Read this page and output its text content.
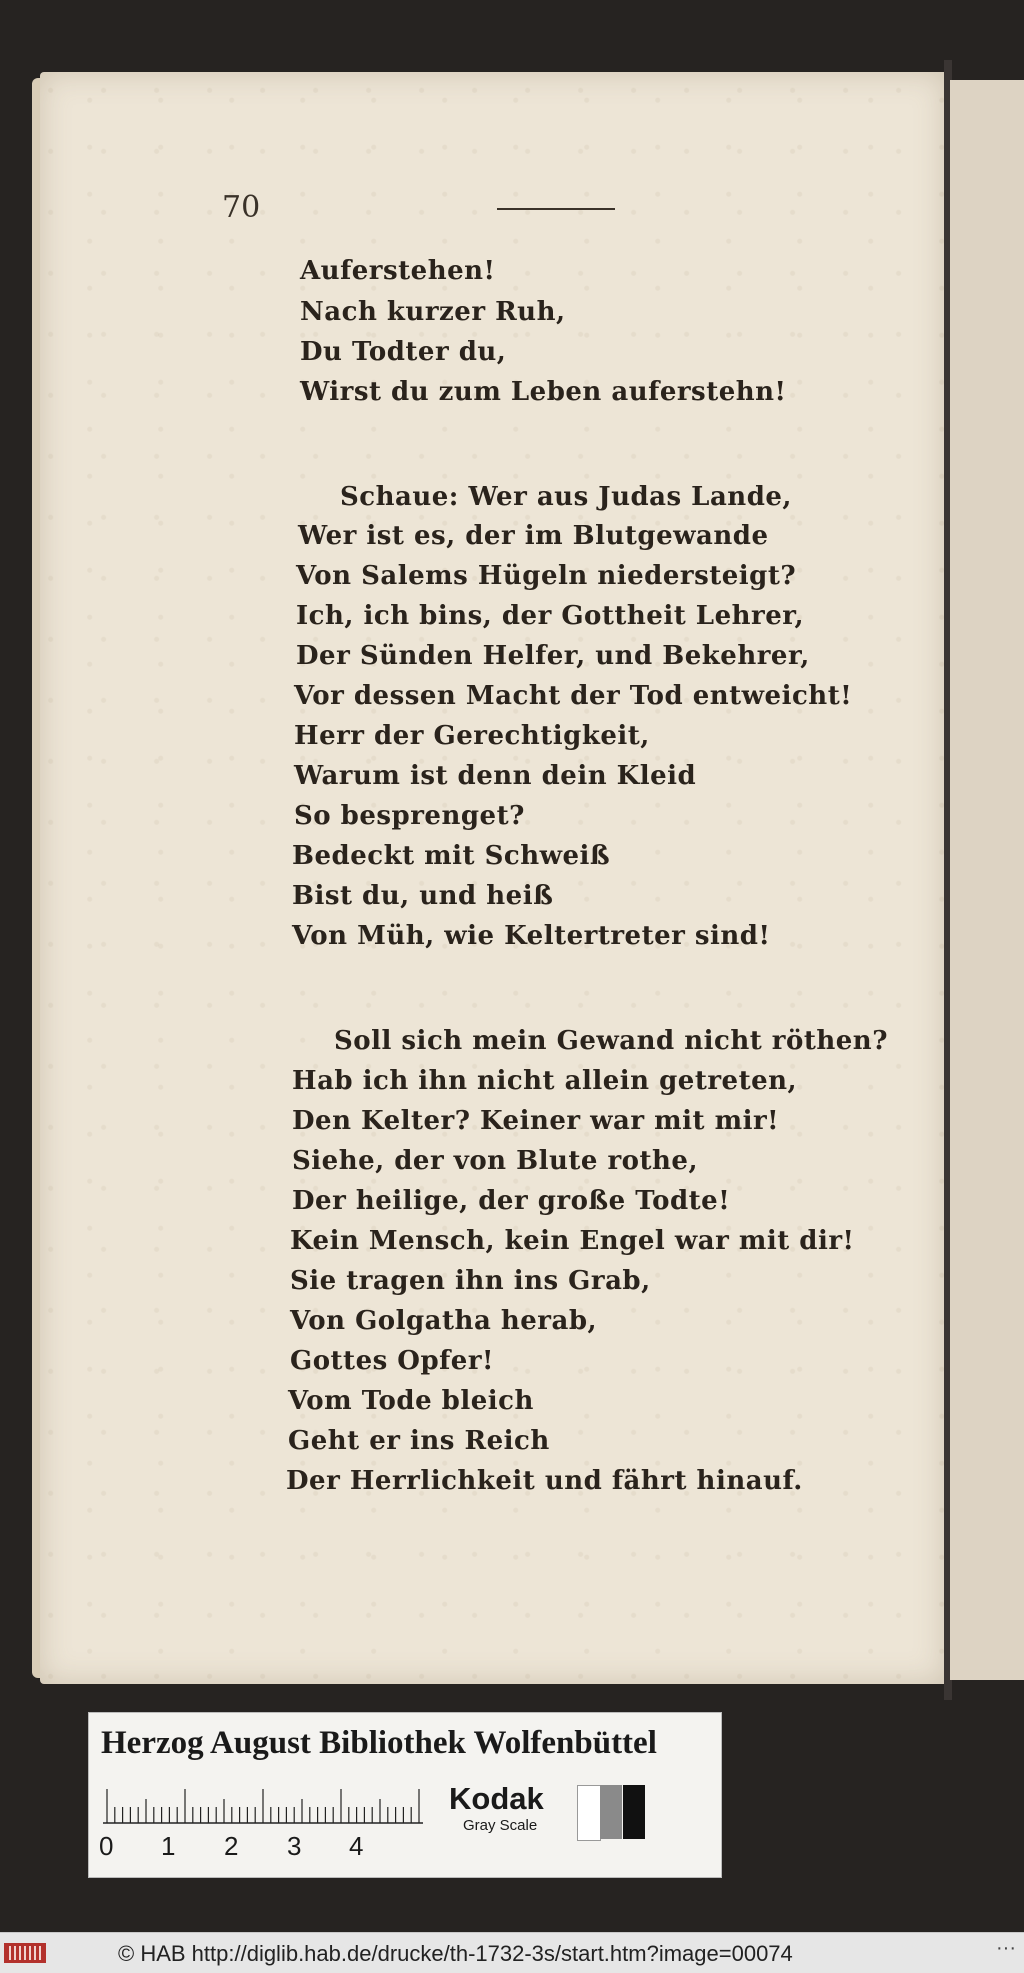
70
Auferstehen!
Nach kurzer Ruh,
Du Todter du,
Wirst du zum Leben auferstehn!
Schaue: Wer aus Judas Lande,
Wer ist es, der im Blutgewande
Von Salems Hügeln niedersteigt?
Ich, ich bins, der Gottheit Lehrer,
Der Sünden Helfer, und Bekehrer,
Vor dessen Macht der Tod entweicht!
Herr der Gerechtigkeit,
Warum ist denn dein Kleid
So besprenget?
Bedeckt mit Schweiß
Bist du, und heiß
Von Müh, wie Keltertreter sind!
Soll sich mein Gewand nicht röthen?
Hab ich ihn nicht allein getreten,
Den Kelter? Keiner war mit mir!
Siehe, der von Blute rothe,
Der heilige, der große Todte!
Kein Mensch, kein Engel war mit dir!
Sie tragen ihn ins Grab,
Von Golgatha herab,
Gottes Opfer!
Vom Tode bleich
Geht er ins Reich
Der Herrlichkeit und fährt hinauf.
Herzog August Bibliothek Wolfenbüttel
0 1 2 3 4
Kodak
Gray Scale
© HAB http://diglib.hab.de/drucke/th-1732-3s/start.htm?image=00074	···
